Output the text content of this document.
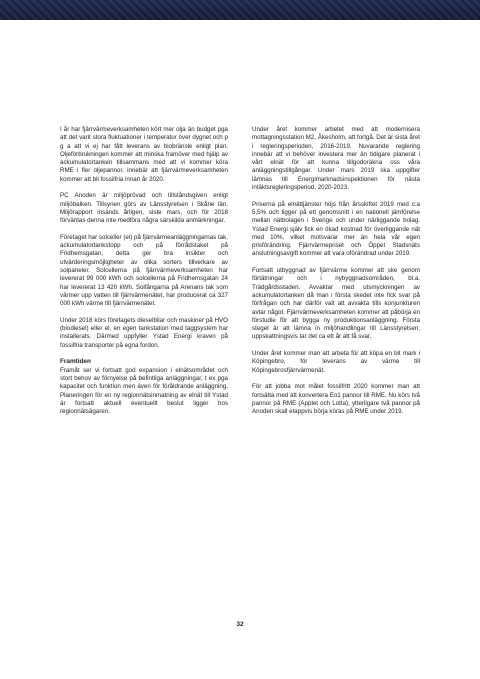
I år har fjärrvärmeverksamheten kört mer olja än budget pga att det varit stora fluktuationer i temperatur över dygnet och p g a att vi ej har fått leverans av biobränsle enligt plan. Oljeförbrukningen kommer att minska framöver med hjälp av ackumulatortanken tillsammans med att vi kommer köra RME i fler oljepannor, innebär att fjärrvärmeverksamheten kommer att bli fossilfria innan år 2020.

PC Anoden är miljöprövad och tillståndsgiven enligt miljöbalken. Tillsynen görs av Länsstyrelsen i Skåne län. Miljörapport insänds årligen, siste mars, och för 2018 förväntas denna inte medföra några särskilda anmärkningar.

Företaget har solceller (el) på fjärrvärmeanläggningarnas tak, ackumulatortankstopp och på förrådstaket på Fridhemsgatan, detta ger bra insikter och utvärderingsmöjligheter av olika sorters tillverkare av solpaneler. Solcellerna på fjärrvärmeverksamheten har levererat 99 000 kWh och solcellerna på Fridhemsgatan 24 har levererat 13 420 kWh. Solfångarna på Arenans tak som värmer upp vatten till fjärrvärmenätet, har producerat ca 327 000 kWh värme till fjärrvärmenätet.

Under 2018 körs företagets dieselbilar och maskiner på HVO (biodiesel) eller el, en egen tankstation med taggsystem har installerats. Därmed uppfyller Ystad Energi kraven på fossilfria transporter på egna fordon.

Framtiden

Framåt ser vi fortsatt god expansion i elnätsområdet och stort behov av förnyelse på befintliga anläggningar, t ex pga kapacitet och funktion men även för föråldrande anläggning. Planeringen för en ny regionnätsinmatning av elnät till Ystad är fortsatt aktuell eventuellt beslut ligger hos regionnätsägaren.

Under året kommer arbetet med att modernisera mottagningsstation M2, Åkesholm, att fortgå. Det är sista året i regleringsperioden, 2016-2019. Nuvarande reglering innebär att vi behöver investera mer än tidigare planerat i vårt elnät för att kunna tillgodoräkna oss våra anläggningstillgångar. Under mars 2019 ska uppgifter lämnas till Energimarknadsinspektionen för nästa intäktsregleringsperiod, 2020-2023.

Priserna på elnättjänster höjs från årsskiftet 2019 med c:a 5,5% och ligger på ett genomsnitt i en nationell jämförelse mellan nätbolagen i Sverige och under närliggande bolag. Ystad Energi själv fick en ökad kostnad för överliggande nät med 10%, vilket motsvarar mer än hela vår egen prisförändring. Fjärrvärmepriset och Öppet Stadsnäts anslutningsavgift kommer att vara oförändrad under 2019.

Fortsatt utbyggnad av fjärrvärme kommer att ske genom förtätningar och i nybyggnadsområden, bl.a. Trädgårdsstaden. Avvaktar med utsmyckningen av ackumulatortanken då man i första skedet inte fick svar på förfrågan och har därför valt att avvakta tills konjunkturen avtar något. Fjärrvärmeverksamheten kommer att påbörja en förstudie för att bygga ny produktionsanläggning. Första steget är att lämna in miljöhandlingar till Länsstyrelsen, uppskattningsvis tar det ca ett år att få svar.

Under året kommer man att arbeta för att köpa en bit mark i Köpingebro, för leverans av värme till Köpingebrosfjärrvärmenät.

För att jobba mot målet fossilfritt 2020 kommer man att fortsätta med att konvertera Eo1 pannor till RME. Nu körs två pannor på RME (Applet och Lotta), ytterligare två pannor på Anoden skall etappvis börja köras på RME under 2019.

32
